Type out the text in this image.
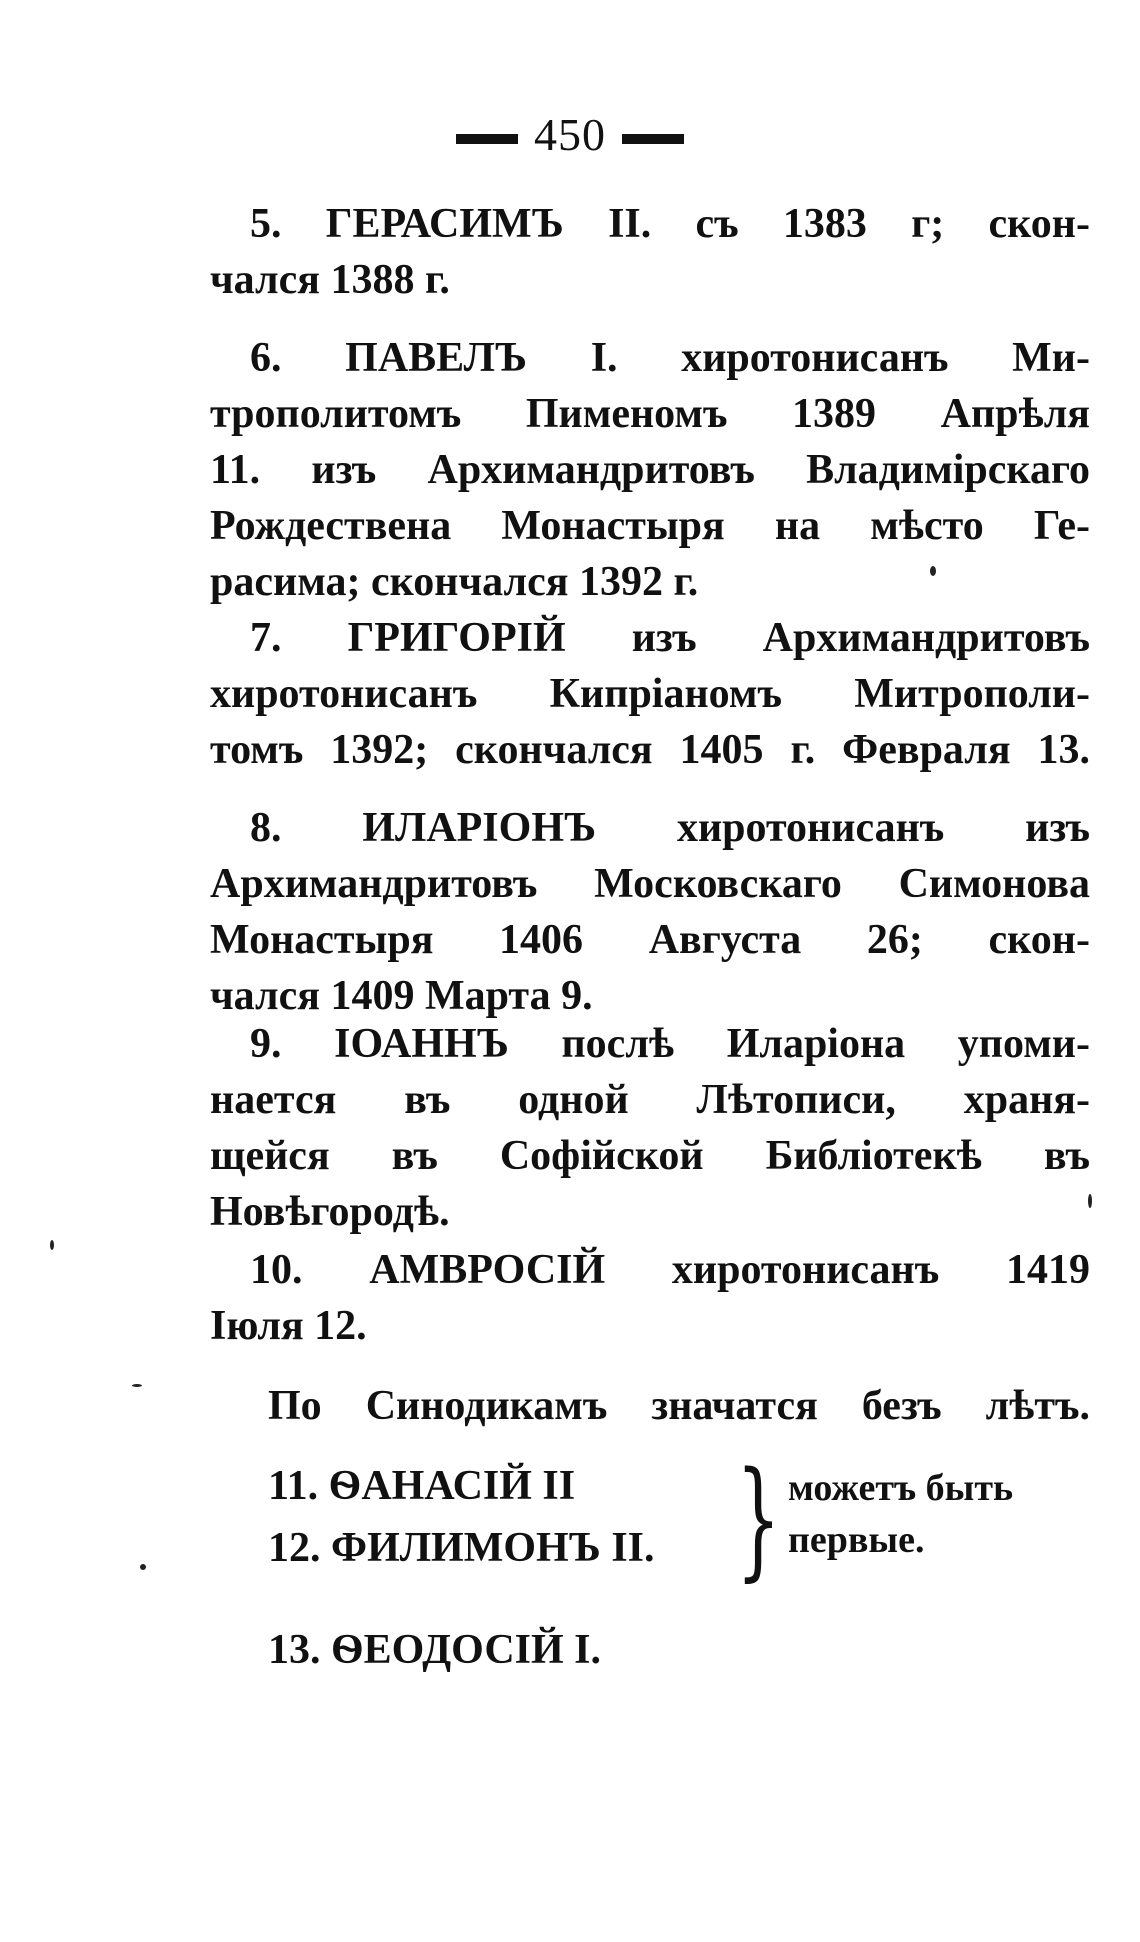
450
5. ГЕРАСИМЪ II. съ 1383 г; скон-
чался 1388 г.
6. ПАВЕЛЪ I. хиротонисанъ Ми-
трополитомъ Пименомъ 1389 Апрѣля
11. изъ Архимандритовъ Владимірскаго
Рождествена Монастыря на мѣсто Ге-
расима; скончался 1392 г.
7. ГРИГОРІЙ изъ Архимандритовъ
хиротонисанъ Кипріаномъ Митрополи-
томъ 1392; скончался 1405 г. Февраля 13.
8. ИЛАРІОНЪ хиротонисанъ изъ
Архимандритовъ Московскаго Симонова
Монастыря 1406 Августа 26; скон-
чался 1409 Марта 9.
9. ІОАННЪ послѣ Иларіона упоми-
нается въ одной Лѣтописи, храня-
щейся въ Софійской Библіотекѣ въ
Новѣгородѣ.
10. АМВРОСІЙ хиротонисанъ 1419
Іюля 12.
По Синодикамъ значатся безъ лѣтъ.
11. ѲАНАСІЙ II
12. ФИЛИМОНЪ II. } можетъ быть
первые.
13. ѲЕОДОСІЙ I.
